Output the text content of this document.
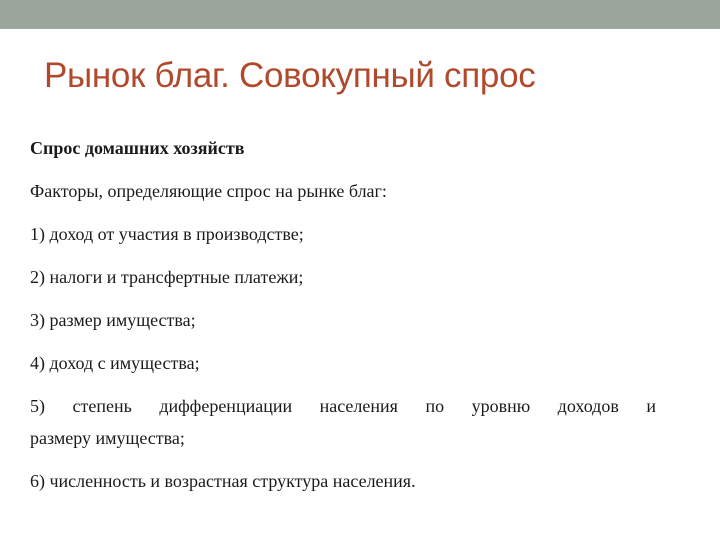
Рынок благ. Совокупный спрос
Спрос домашних хозяйств
Факторы, определяющие спрос на рынке благ:
1) доход от участия в производстве;
2) налоги и трансфертные платежи;
3) размер имущества;
4) доход с имущества;
5) степень дифференциации населения по уровню доходов и
размеру имущества;
6) численность и возрастная структура населения.
